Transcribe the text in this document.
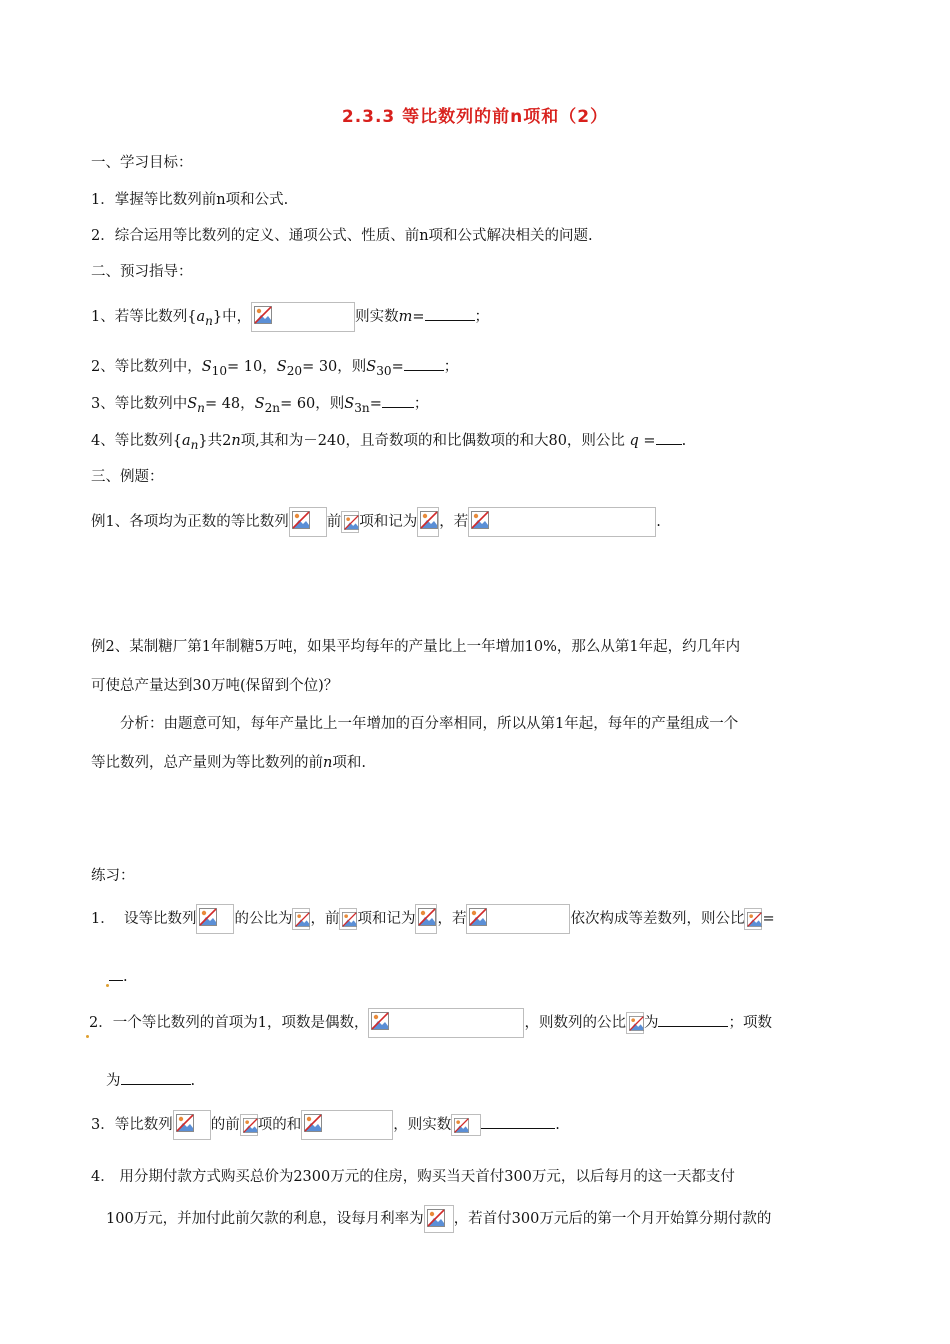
2.3.3 等比数列的前n项和（2）
一、学习目标：
1．掌握等比数列前n项和公式.
2．综合运用等比数列的定义、通项公式、性质、前n项和公式解决相关的问题.
二、预习指导：
1、若等比数列$\{a_n\}$中，	则实数m=	；
2、等比数列中，$S_{10}= 10$，$S_{20}= 30$，则$S_{30}=$	；
3、等比数列中$S_n= 48$，$S_{2n}= 60$，则$S_{3n}=$ ；
4、等比数列$\{a_n\}$共2n项,其和为－240，且奇数项的和比偶数项的和大80，则公比 q = .
三、例题：
例1、各项均为正数的等比数列	前 项和记为 ，若	.
例2、某制糖厂第1年制糖5万吨，如果平均每年的产量比上一年增加10%，那么从第1年起，约几年内
可使总产量达到30万吨(保留到个位)？
分析：由题意可知，每年产量比上一年增加的百分率相同，所以从第1年起，每年的产量组成一个
等比数列，总产量则为等比数列的前n项和.
练习：
1． 设等比数列	的公比为 ，前 项和记为 ，若	依次构成等差数列，则公比 =
.
2．一个等比数列的首项为1，项数是偶数，	，则数列的公比 为	；项数
为	.
3．等比数列	的前 项的和	，则实数	.
4． 用分期付款方式购买总价为2300万元的住房，购买当天首付300万元，以后每月的这一天都支付
100万元，并加付此前欠款的利息，设每月利率为 ，若首付300万元后的第一个月开始算分期付款的
